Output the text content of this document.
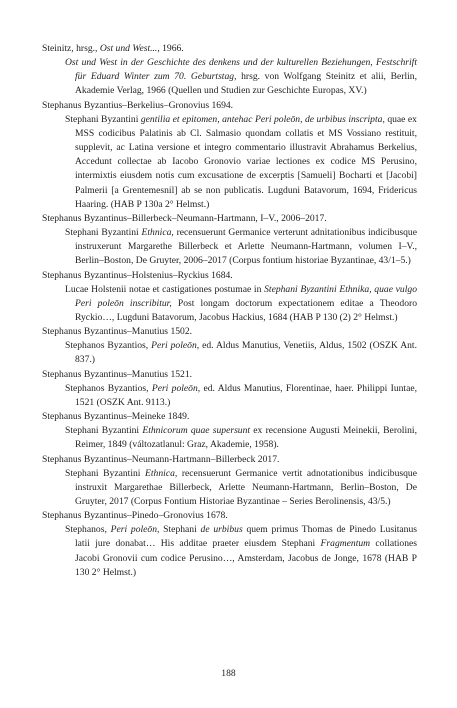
Steinitz, hrsg., Ost und West..., 1966.

Ost und West in der Geschichte des denkens und der kulturellen Beziehungen, Festschrift für Eduard Winter zum 70. Geburtstag, hrsg. von Wolfgang Steinitz et alii, Berlin, Akademie Verlag, 1966 (Quellen und Studien zur Geschichte Europas, XV.)

Stephanus Byzantius–Berkelius–Gronovius 1694.

Stephani Byzantini gentilia et epitomen, antehac Peri poleōn, de urbibus inscripta, quae ex MSS codicibus Palatinis ab Cl. Salmasio quondam collatis et MS Vossiano restituit, supplevit, ac Latina versione et integro commentario illustravit Abrahamus Berkelius, Accedunt collectae ab Iacobo Gronovio variae lectiones ex codice MS Perusino, intermixtis eiusdem notis cum excusatione de excerptis [Samueli] Bocharti et [Jacobi] Palmerii [a Grentemesnil] ab se non publicatis. Lugduni Batavorum, 1694, Fridericus Haaring. (HAB P 130a 2° Helmst.)

Stephanus Byzantinus–Billerbeck–Neumann-Hartmann, I–V., 2006–2017.

Stephani Byzantini Ethnica, recensuerunt Germanice verterunt adnitationibus indicibusque instruxerunt Margarethe Billerbeck et Arlette Neumann-Hartmann, volumen I–V., Berlin–Boston, De Gruyter, 2006–2017 (Corpus fontium historiae Byzantinae, 43/1–5.)

Stephanus Byzantinus–Holstenius–Ryckius 1684.

Lucae Holstenii notae et castigationes postumae in Stephani Byzantini Ethnika, quae vulgo Peri poleōn inscribitur, Post longam doctorum expectationem editae a Theodoro Ryckio…, Lugduni Batavorum, Jacobus Hackius, 1684 (HAB P 130 (2) 2° Helmst.)

Stephanus Byzantinus–Manutius 1502.

Stephanos Byzantios, Peri poleōn, ed. Aldus Manutius, Venetiis, Aldus, 1502 (OSZK Ant. 837.)

Stephanus Byzantinus–Manutius 1521.

Stephanos Byzantios, Peri poleōn, ed. Aldus Manutius, Florentinae, haer. Philippi Iuntae, 1521 (OSZK Ant. 9113.)

Stephanus Byzantinus–Meineke 1849.

Stephani Byzantini Ethnicorum quae supersunt ex recensione Augusti Meinekii, Berolini, Reimer, 1849 (változatlanul: Graz, Akademie, 1958).

Stephanus Byzantinus–Neumann-Hartmann–Billerbeck 2017.

Stephani Byzantini Ethnica, recensuerunt Germanice vertit adnotationibus indicibusque instruxit Margarethae Billerbeck, Arlette Neumann-Hartmann, Berlin–Boston, De Gruyter, 2017 (Corpus Fontium Historiae Byzantinae – Series Berolinensis, 43/5.)

Stephanus Byzantinus–Pinedo–Gronovius 1678.

Stephanos, Peri poleōn, Stephani de urbibus quem primus Thomas de Pinedo Lusitanus latii jure donabat… His additae praeter eiusdem Stephani Fragmentum collationes Jacobi Gronovii cum codice Perusino…, Amsterdam, Jacobus de Jonge, 1678 (HAB P 130 2° Helmst.)

188
